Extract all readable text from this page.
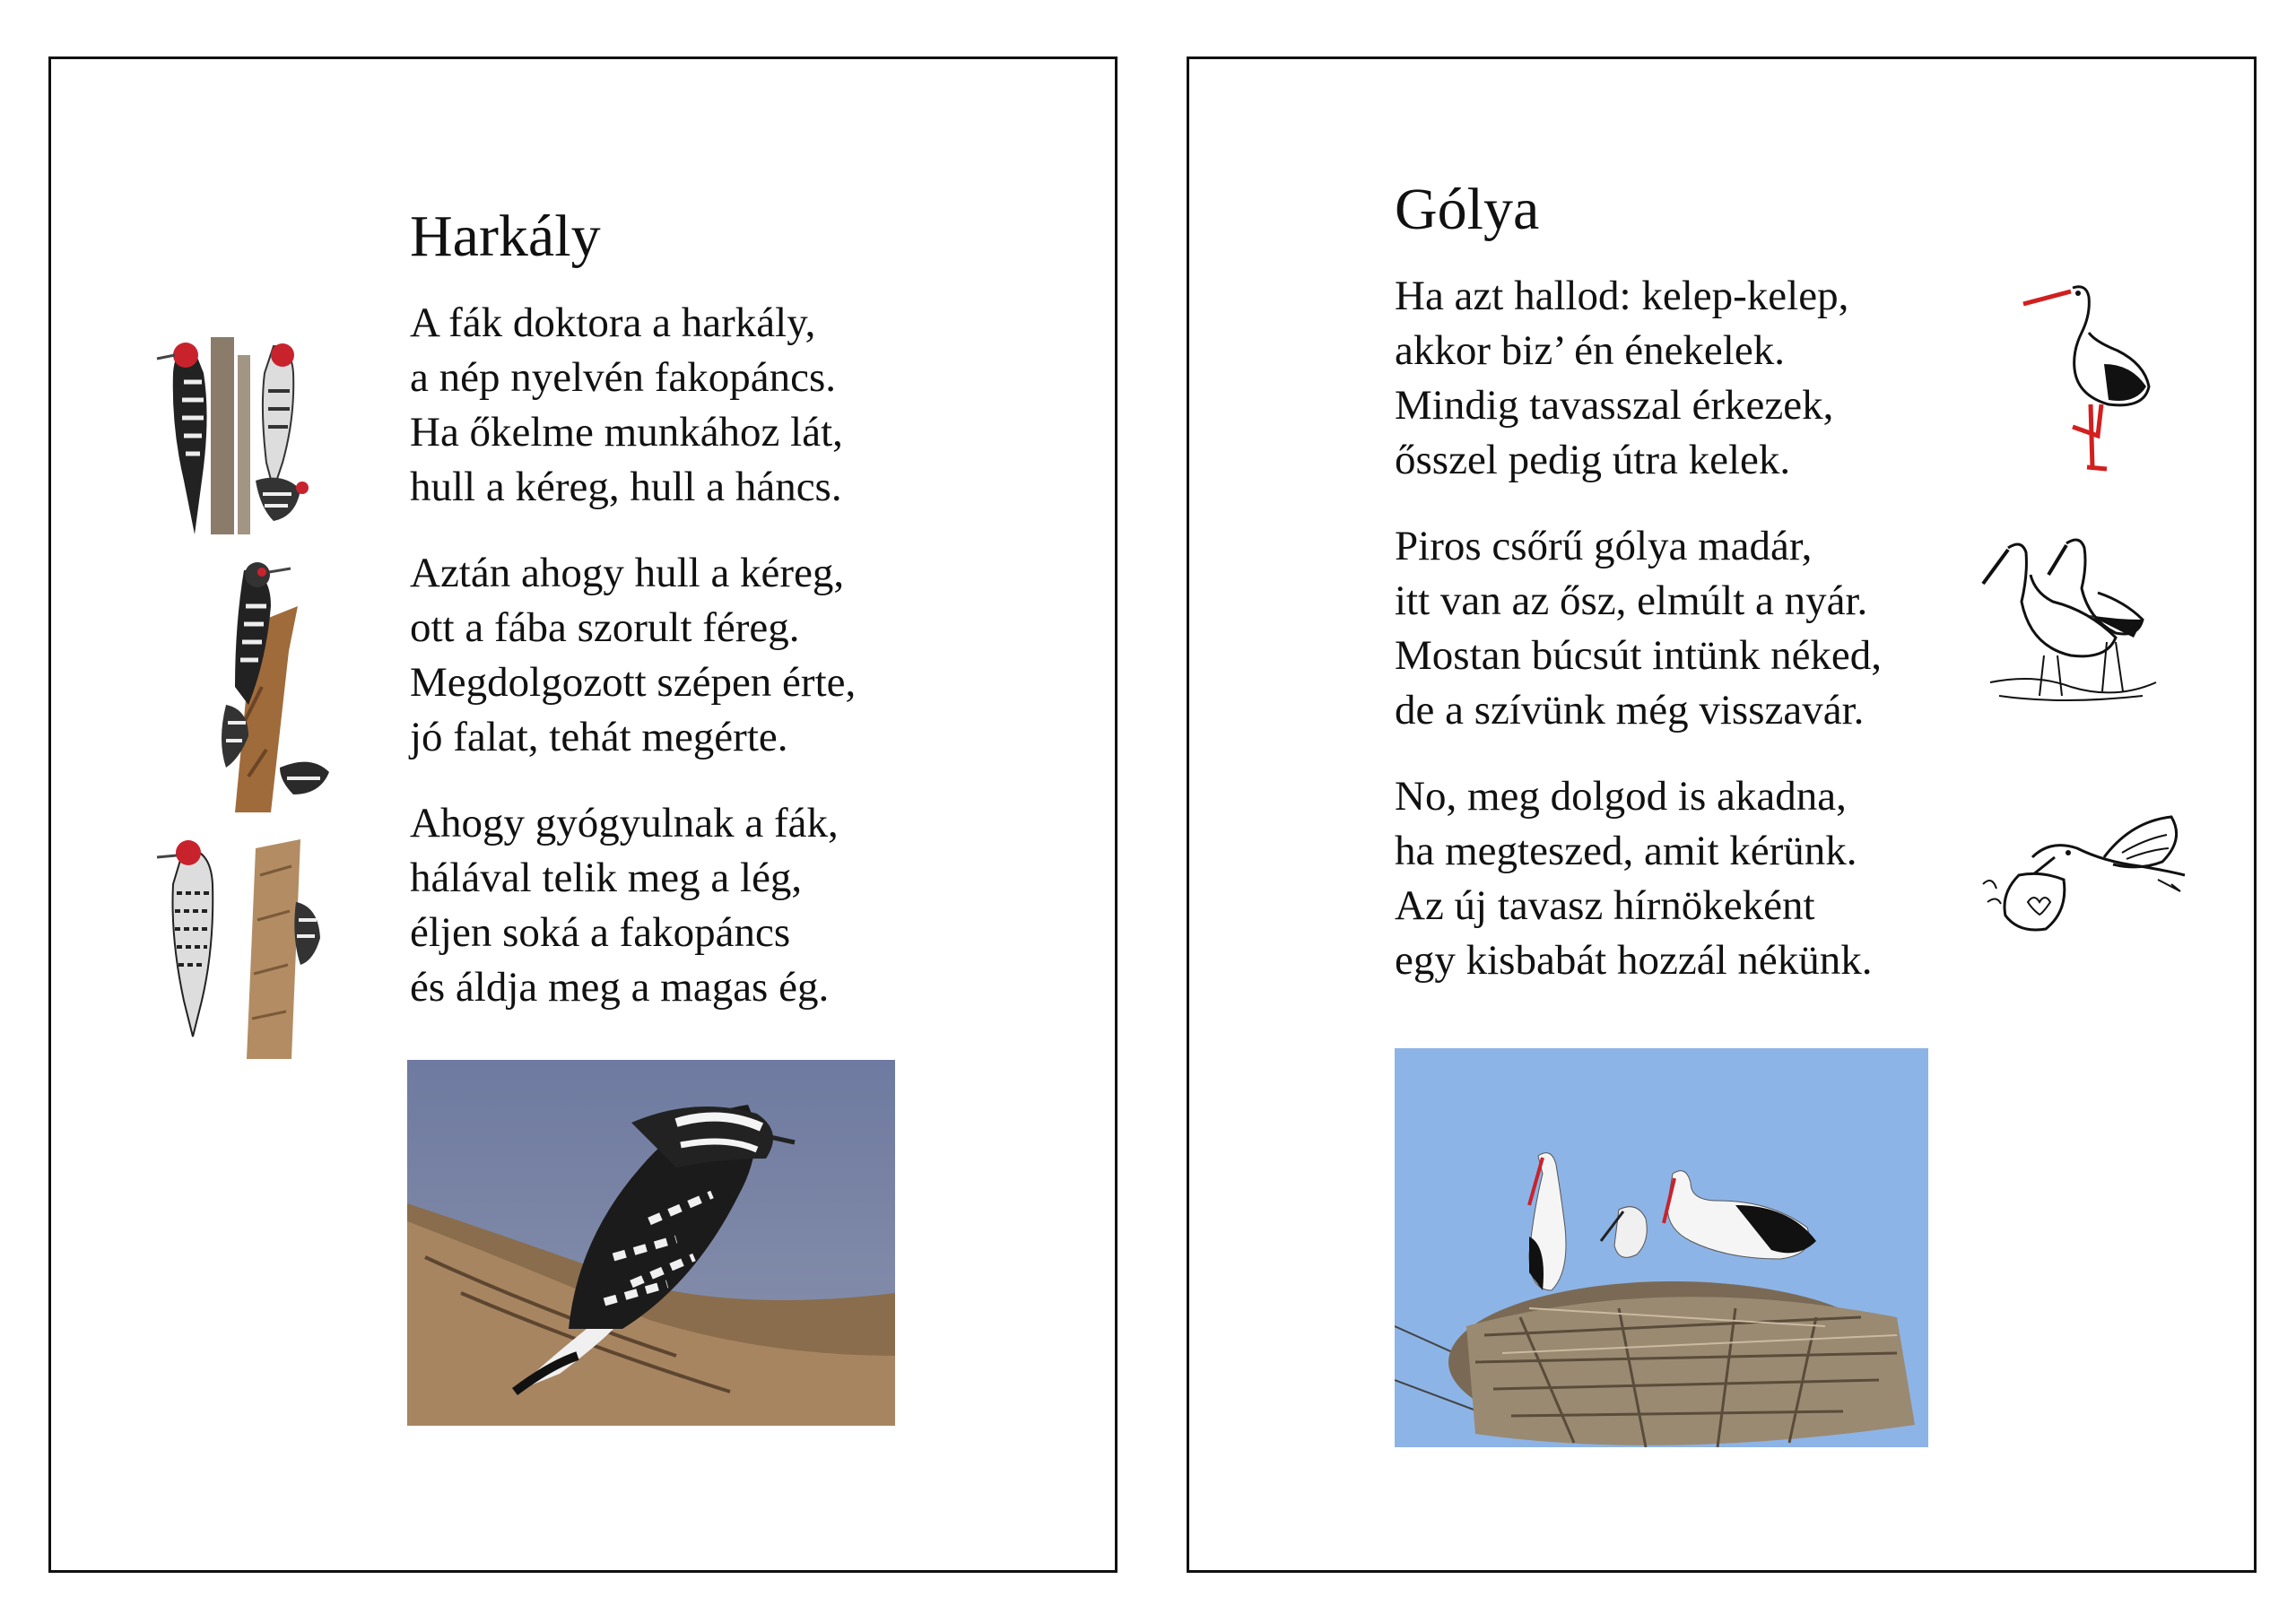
Harkály
A fák doktora a harkály,
a nép nyelvén fakopáncs.
Ha őkelme munkához lát,
hull a kéreg, hull a háncs.
Aztán ahogy hull a kéreg,
ott a fába szorult féreg.
Megdolgozott szépen érte,
jó falat, tehát megérte.
Ahogy gyógyulnak a fák,
hálával telik meg a lég,
éljen soká a fakopáncs
és áldja meg a magas ég.
Gólya
Ha azt hallod: kelep-kelep,
akkor biz’ én énekelek.
Mindig tavasszal érkezek,
ősszel pedig útra kelek.
Piros csőrű gólya madár,
itt van az ősz, elmúlt a nyár.
Mostan búcsút intünk néked,
de a szívünk még visszavár.
No, meg dolgod is akadna,
ha megteszed, amit kérünk.
Az új tavasz hírnökeként
egy kisbabát hozzál nékünk.
